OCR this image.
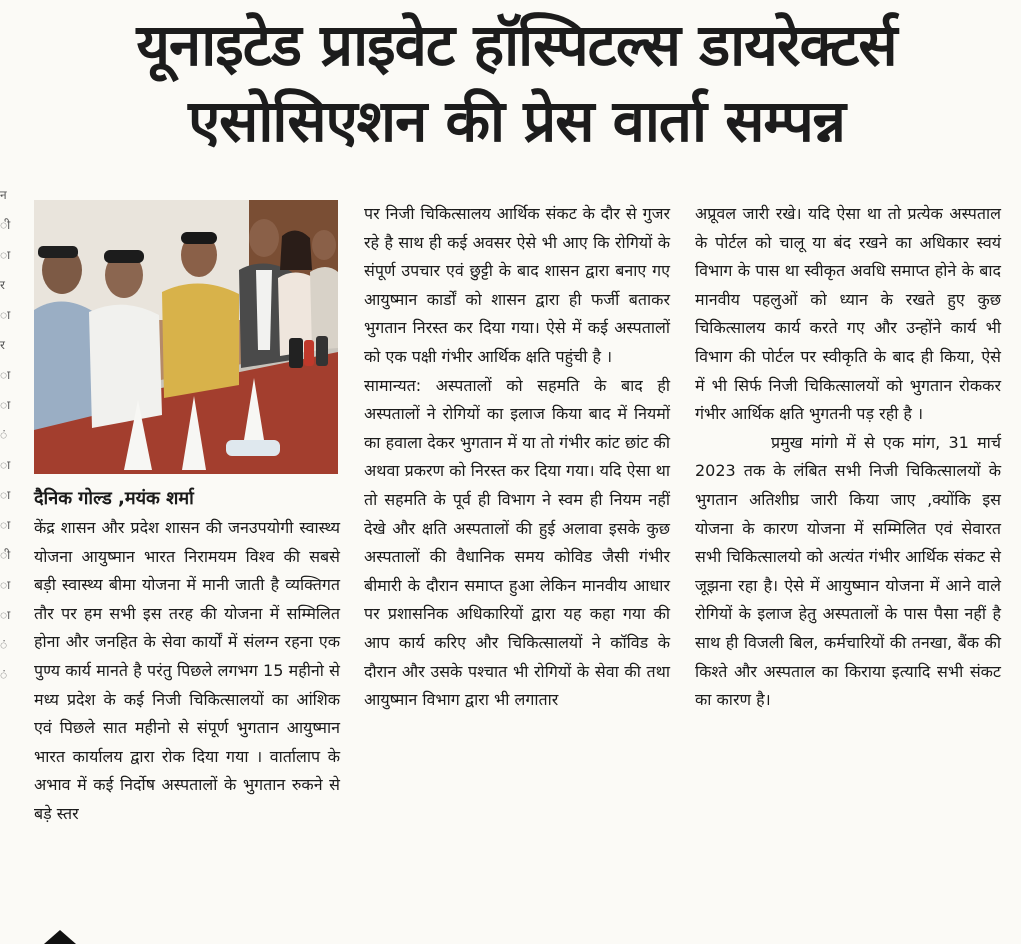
यूनाइटेड प्राइवेट हॉस्पिटल्स डायरेक्टर्स
एसोसिएशन की प्रेस वार्ता सम्पन्न
न
ी
ा
र
ा
र
ा
ा
ं
ा
ा
ा
ी
ा
ा
ं
ं
दैनिक गोल्ड ,मयंक शर्मा

केंद्र शासन और प्रदेश शासन की जनउपयोगी स्वास्थ्य योजना आयुष्मान भारत निरामयम विश्व की सबसे बड़ी स्वास्थ्य बीमा योजना में मानी जाती है व्यक्तिगत तौर पर हम सभी इस तरह की योजना में सम्मिलित होना और जनहित के सेवा कार्यों में संलग्न रहना एक पुण्य कार्य मानते है परंतु पिछले लगभग 15 महीनो से मध्य प्रदेश के कई निजी चिकित्सालयों का आंशिक एवं पिछले सात महीनो से संपूर्ण भुगतान आयुष्मान भारत कार्यालय द्वारा रोक दिया गया । वार्तालाप के अभाव में कई निर्दोष अस्पतालों के भुगतान रुकने से बड़े स्तर

पर निजी चिकित्सालय आर्थिक संकट के दौर से गुजर रहे है साथ ही कई अवसर ऐसे भी आए कि रोगियों के संपूर्ण उपचार एवं छुट्टी के बाद शासन द्वारा बनाए गए आयुष्मान कार्डों को शासन द्वारा ही फर्जी बताकर भुगतान निरस्त कर दिया गया। ऐसे में कई अस्पतालों को एक पक्षी गंभीर आर्थिक क्षति पहुंची है ।

सामान्यत: अस्पतालों को सहमति के बाद ही अस्पतालों ने रोगियों का इलाज किया बाद में नियमों का हवाला देकर भुगतान में या तो गंभीर कांट छांट की अथवा प्रकरण को निरस्त कर दिया गया। यदि ऐसा था तो सहमति के पूर्व ही विभाग ने स्वम ही नियम नहीं देखे और क्षति अस्पतालों की हुई अलावा इसके कुछ अस्पतालों की वैधानिक समय कोविड जैसी गंभीर बीमारी के दौरान समाप्त हुआ लेकिन मानवीय आधार पर प्रशासनिक अधिकारियों द्वारा यह कहा गया की आप कार्य करिए और चिकित्सालयों ने कॉविड के दौरान और उसके पश्चात भी रोगियों के सेवा की तथा आयुष्मान विभाग द्वारा भी लगातार

अप्रूवल जारी रखे। यदि ऐसा था तो प्रत्येक अस्पताल के पोर्टल को चालू या बंद रखने का अधिकार स्वयं विभाग के पास था स्वीकृत अवधि समाप्त होने के बाद मानवीय पहलुओं को ध्यान के रखते हुए कुछ चिकित्सालय कार्य करते गए और उन्होंने कार्य भी विभाग की पोर्टल पर स्वीकृति के बाद ही किया, ऐसे में भी सिर्फ निजी चिकित्सालयों को भुगतान रोककर गंभीर आर्थिक क्षति भुगतनी पड़ रही है ।

प्रमुख मांगो में से एक मांग, 31 मार्च 2023 तक के लंबित सभी निजी चिकित्सालयों के भुगतान अतिशीघ्र जारी किया जाए ,क्योंकि इस योजना के कारण योजना में सम्मिलित एवं सेवारत सभी चिकित्सालयो को अत्यंत गंभीर आर्थिक संकट से जूझना रहा है। ऐसे में आयुष्मान योजना में आने वाले रोगियों के इलाज हेतु अस्पतालों के पास पैसा नहीं है साथ ही विजली बिल, कर्मचारियों की तनखा, बैंक की किश्ते और अस्पताल का किराया इत्यादि सभी संकट का कारण है।
